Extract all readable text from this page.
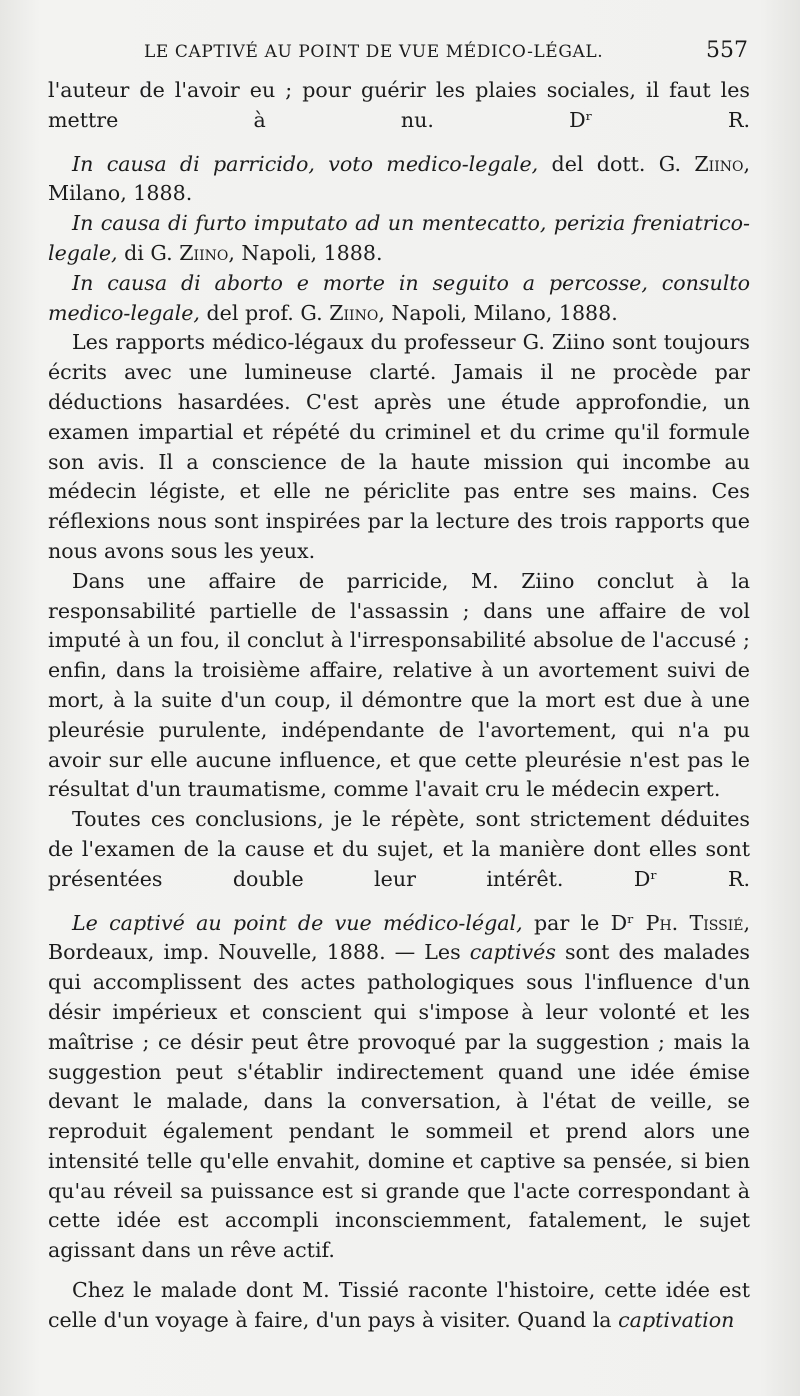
LE CAPTIVÉ AU POINT DE VUE MÉDICO-LÉGAL.	557

l'auteur de l'avoir eu ; pour guérir les plaies sociales, il faut les mettre à nu.	Dʳ R.

In causa di parricido, voto medico-legale, del dott. G. Ziino, Milano, 1888.

In causa di furto imputato ad un mentecatto, perizia freniatrico-legale, di G. Ziino, Napoli, 1888.

In causa di aborto e morte in seguito a percosse, consulto medico-legale, del prof. G. Ziino, Napoli, Milano, 1888.

Les rapports médico-légaux du professeur G. Ziino sont toujours écrits avec une lumineuse clarté. Jamais il ne procède par déductions hasardées. C'est après une étude approfondie, un examen impartial et répété du criminel et du crime qu'il formule son avis. Il a conscience de la haute mission qui incombe au médecin légiste, et elle ne périclite pas entre ses mains. Ces réflexions nous sont inspirées par la lecture des trois rapports que nous avons sous les yeux.

Dans une affaire de parricide, M. Ziino conclut à la responsabilité partielle de l'assassin ; dans une affaire de vol imputé à un fou, il conclut à l'irresponsabilité absolue de l'accusé ; enfin, dans la troisième affaire, relative à un avortement suivi de mort, à la suite d'un coup, il démontre que la mort est due à une pleurésie purulente, indépendante de l'avortement, qui n'a pu avoir sur elle aucune influence, et que cette pleurésie n'est pas le résultat d'un traumatisme, comme l'avait cru le médecin expert.

Toutes ces conclusions, je le répète, sont strictement déduites de l'examen de la cause et du sujet, et la manière dont elles sont présentées double leur intérêt.	Dʳ R.

Le captivé au point de vue médico-légal, par le Dʳ Ph. Tissié, Bordeaux, imp. Nouvelle, 1888. — Les captivés sont des malades qui accomplissent des actes pathologiques sous l'influence d'un désir impérieux et conscient qui s'impose à leur volonté et les maîtrise ; ce désir peut être provoqué par la suggestion ; mais la suggestion peut s'établir indirectement quand une idée émise devant le malade, dans la conversation, à l'état de veille, se reproduit également pendant le sommeil et prend alors une intensité telle qu'elle envahit, domine et captive sa pensée, si bien qu'au réveil sa puissance est si grande que l'acte correspondant à cette idée est accompli inconsciemment, fatalement, le sujet agissant dans un rêve actif.

Chez le malade dont M. Tissié raconte l'histoire, cette idée est celle d'un voyage à faire, d'un pays à visiter. Quand la captivation
